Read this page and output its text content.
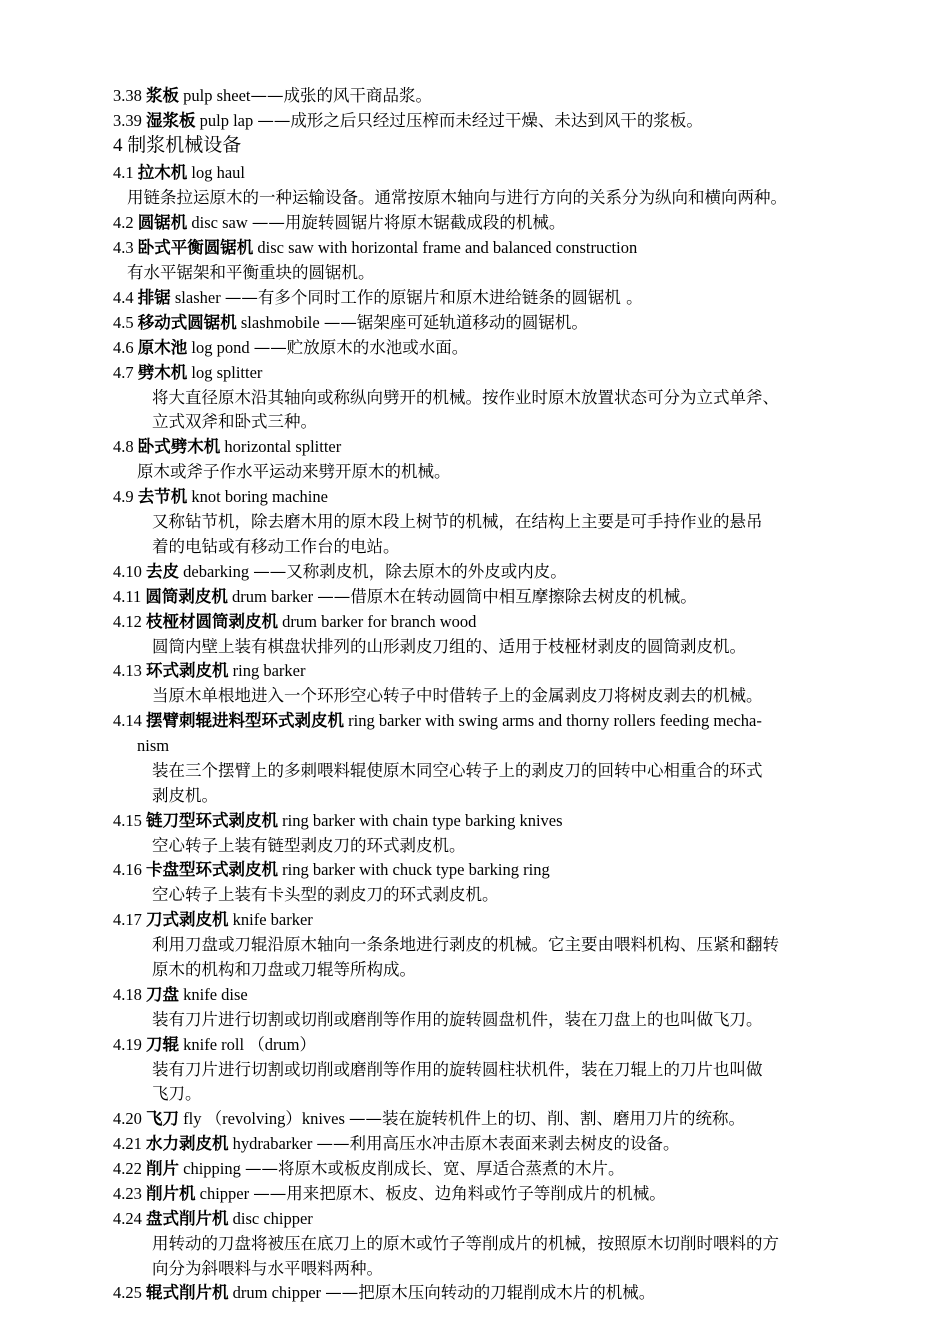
3.38 浆板 pulp sheet——成张的风干商品浆。
3.39 湿浆板 pulp lap ——成形之后只经过压榨而未经过干燥、未达到风干的浆板。
4 制浆机械设备
4.1 拉木机 log haul
用链条拉运原木的一种运输设备。通常按原木轴向与进行方向的关系分为纵向和横向两种。
4.2 圆锯机 disc saw ——用旋转圆锯片将原木锯截成段的机械。
4.3 卧式平衡圆锯机 disc saw with horizontal frame and balanced construction
有水平锯架和平衡重块的圆锯机。
4.4 排锯 slasher ——有多个同时工作的原锯片和原木进给链条的圆锯机 。
4.5 移动式圆锯机 slashmobile ——锯架座可延轨道移动的圆锯机。
4.6 原木池 log pond ——贮放原木的水池或水面。
4.7 劈木机 log splitter
将大直径原木沿其轴向或称纵向劈开的机械。按作业时原木放置状态可分为立式单斧、
立式双斧和卧式三种。
4.8 卧式劈木机 horizontal splitter
原木或斧子作水平运动来劈开原木的机械。
4.9 去节机 knot boring machine
又称钻节机，除去磨木用的原木段上树节的机械，在结构上主要是可手持作业的悬吊
着的电钻或有移动工作台的电站。
4.10 去皮 debarking ——又称剥皮机，除去原木的外皮或内皮。
4.11 圆筒剥皮机 drum barker ——借原木在转动圆筒中相互摩擦除去树皮的机械。
4.12 枝桠材圆筒剥皮机 drum barker for branch wood
圆筒内壁上装有棋盘状排列的山形剥皮刀组的、适用于枝桠材剥皮的圆筒剥皮机。
4.13 环式剥皮机 ring barker
当原木单根地进入一个环形空心转子中时借转子上的金属剥皮刀将树皮剥去的机械。
4.14 摆臂刺辊进料型环式剥皮机 ring barker with swing arms and thorny rollers feeding mecha-
nism
装在三个摆臂上的多刺喂料辊使原木同空心转子上的剥皮刀的回转中心相重合的环式
剥皮机。
4.15 链刀型环式剥皮机 ring barker with chain type barking knives
空心转子上装有链型剥皮刀的环式剥皮机。
4.16 卡盘型环式剥皮机 ring barker with chuck type barking ring
空心转子上装有卡头型的剥皮刀的环式剥皮机。
4.17 刀式剥皮机 knife barker
利用刀盘或刀辊沿原木轴向一条条地进行剥皮的机械。它主要由喂料机构、压紧和翻转
原木的机构和刀盘或刀辊等所构成。
4.18 刀盘 knife dise
装有刀片进行切割或切削或磨削等作用的旋转圆盘机件，装在刀盘上的也叫做飞刀。
4.19 刀辊 knife roll （drum）
装有刀片进行切割或切削或磨削等作用的旋转圆柱状机件，装在刀辊上的刀片也叫做
飞刀。
4.20 飞刀 fly （revolving）knives ——装在旋转机件上的切、削、割、磨用刀片的统称。
4.21 水力剥皮机 hydrabarker ——利用高压水冲击原木表面来剥去树皮的设备。
4.22 削片 chipping ——将原木或板皮削成长、宽、厚适合蒸煮的木片。
4.23 削片机 chipper ——用来把原木、板皮、边角料或竹子等削成片的机械。
4.24 盘式削片机 disc chipper
用转动的刀盘将被压在底刀上的原木或竹子等削成片的机械，按照原木切削时喂料的方
向分为斜喂料与水平喂料两种。
4.25 辊式削片机 drum chipper ——把原木压向转动的刀辊削成木片的机械。
